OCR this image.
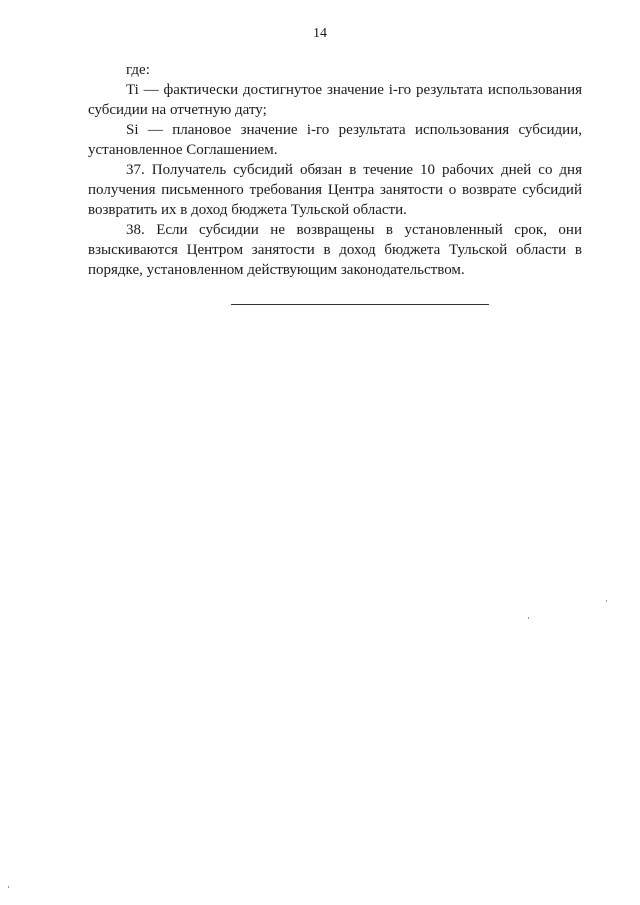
14

где:

Ti — фактически достигнутое значение i-го результата использования субсидии на отчетную дату;

Si — плановое значение i-го результата использования субсидии, установленное Соглашением.

37. Получатель субсидий обязан в течение 10 рабочих дней со дня получения письменного требования Центра занятости о возврате субсидий возвратить их в доход бюджета Тульской области.

38. Если субсидии не возвращены в установленный срок, они взыскиваются Центром занятости в доход бюджета Тульской области в порядке, установленном действующим законодательством.
